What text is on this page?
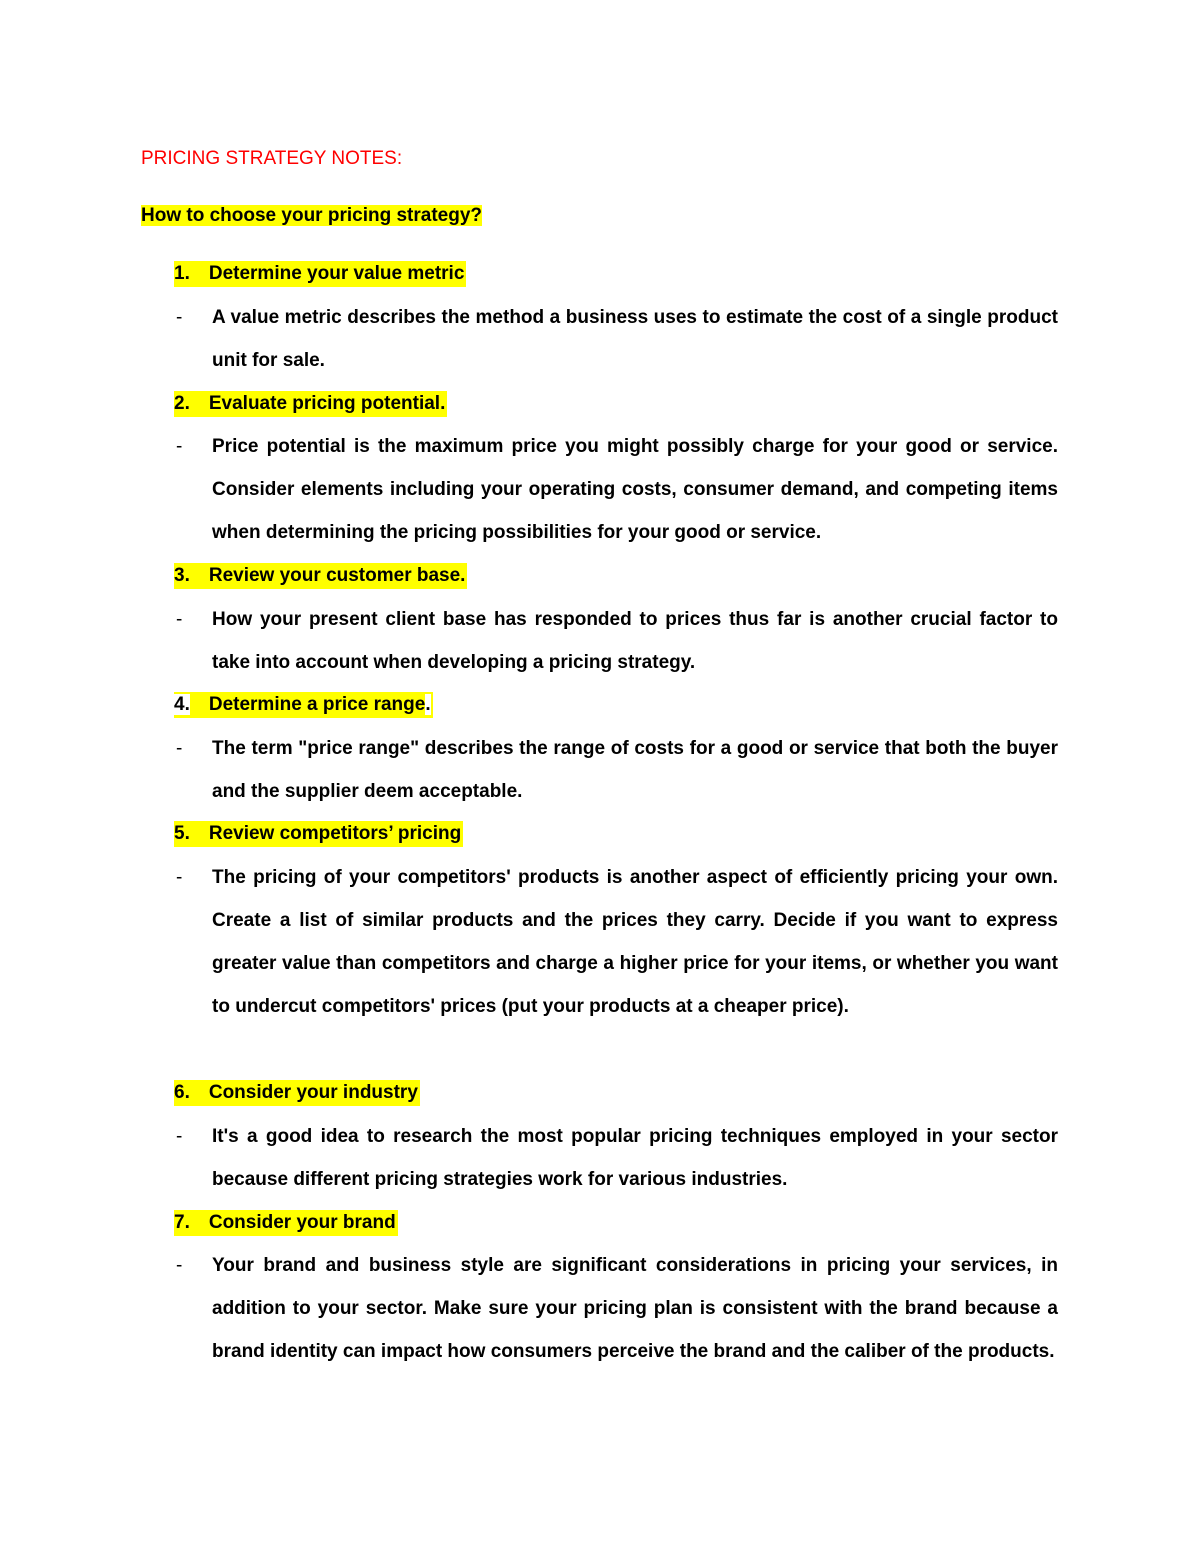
PRICING STRATEGY NOTES:
How to choose your pricing strategy?
1. Determine your value metric
- A value metric describes the method a business uses to estimate the cost of a single product unit for sale.
2. Evaluate pricing potential.
- Price potential is the maximum price you might possibly charge for your good or service. Consider elements including your operating costs, consumer demand, and competing items when determining the pricing possibilities for your good or service.
3. Review your customer base.
- How your present client base has responded to prices thus far is another crucial factor to take into account when developing a pricing strategy.
4. Determine a price range.
- The term "price range" describes the range of costs for a good or service that both the buyer and the supplier deem acceptable.
5. Review competitors’ pricing
- The pricing of your competitors' products is another aspect of efficiently pricing your own. Create a list of similar products and the prices they carry. Decide if you want to express greater value than competitors and charge a higher price for your items, or whether you want to undercut competitors' prices (put your products at a cheaper price).
6. Consider your industry
- It's a good idea to research the most popular pricing techniques employed in your sector because different pricing strategies work for various industries.
7. Consider your brand
- Your brand and business style are significant considerations in pricing your services, in addition to your sector. Make sure your pricing plan is consistent with the brand because a brand identity can impact how consumers perceive the brand and the caliber of the products.
